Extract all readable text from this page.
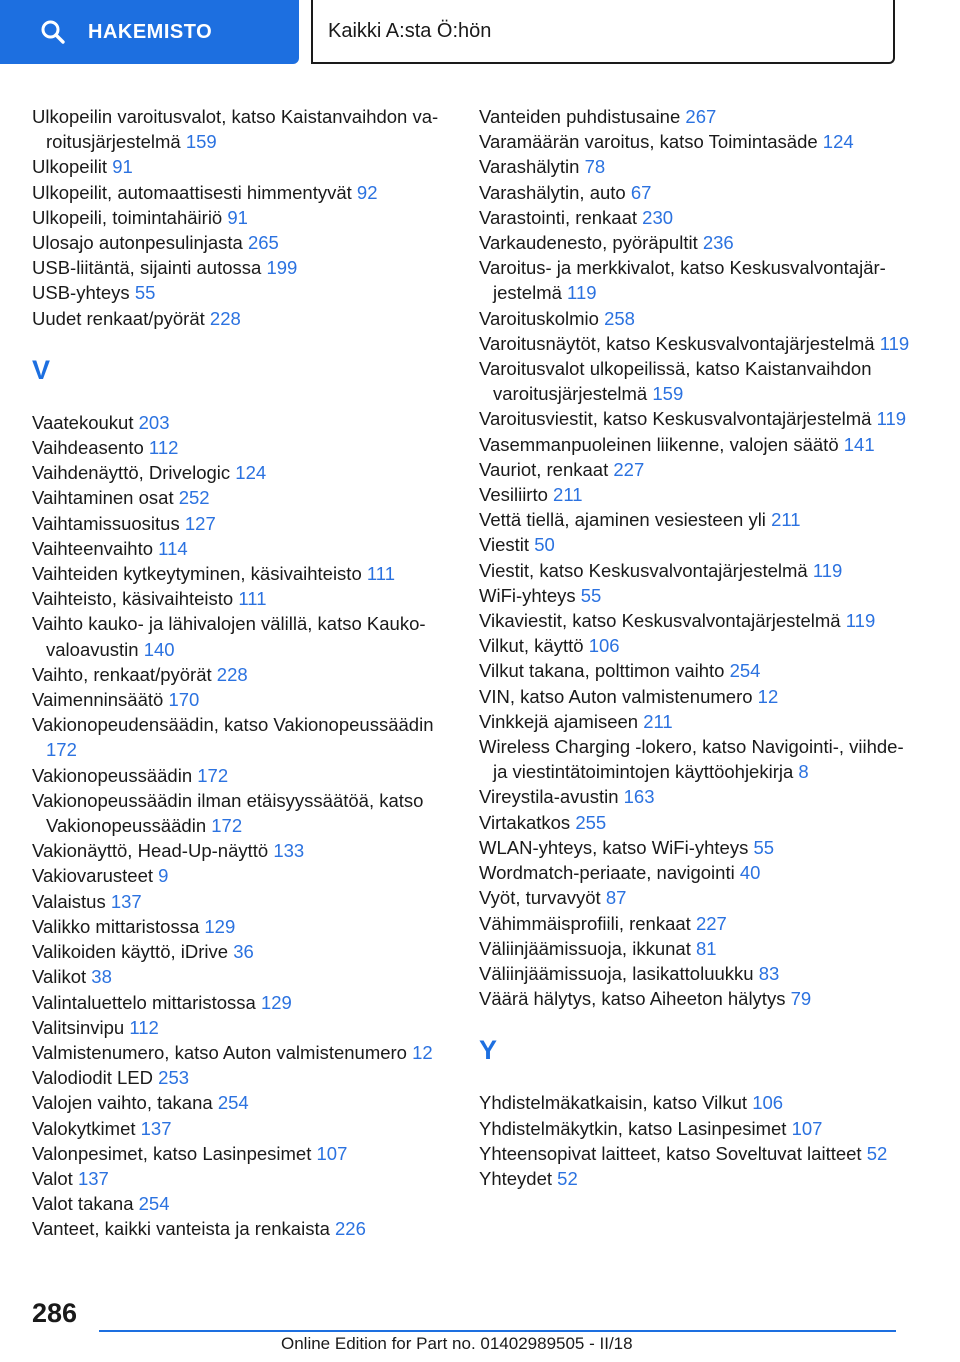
HAKEMISTO	Kaikki A:sta Ö:hön
Ulkopeilin varoitusvalot, katso Kaistanvaihdon varoitusjärjestelmä 159
Ulkopeilit 91
Ulkopeilit, automaattisesti himmentyvät 92
Ulkopeili, toimintahäiriö 91
Ulosajo autonpesulinjasta 265
USB-liitäntä, sijainti autossa 199
USB-yhteys 55
Uudet renkaat/pyörät 228
V
Vaatekoukut 203
Vaihdeasento 112
Vaihdenäyttö, Drivelogic 124
Vaihtaminen osat 252
Vaihtamissuositus 127
Vaihteenvaihto 114
Vaihteiden kytkeytyminen, käsivaihteisto 111
Vaihteisto, käsivaihteisto 111
Vaihto kauko- ja lähivalojen välillä, katso Kaukovaloavustin 140
Vaihto, renkaat/pyörät 228
Vaimenninsäätö 170
Vakionopeudensäädin, katso Vakionopeussäädin 172
Vakionopeussäädin 172
Vakionopeussäädin ilman etäisyyssäätöä, katso Vakionopeussäädin 172
Vakionäyttö, Head-Up-näyttö 133
Vakiovarusteet 9
Valaistus 137
Valikko mittaristossa 129
Valikoiden käyttö, iDrive 36
Valikot 38
Valintaluettelo mittaristossa 129
Valitsinvipu 112
Valmistenumero, katso Auton valmistenumero 12
Valodiodit LED 253
Valojen vaihto, takana 254
Valokytkimet 137
Valonpesimet, katso Lasinpesimet 107
Valot 137
Valot takana 254
Vanteet, kaikki vanteista ja renkaista 226
Vanteiden puhdistusaine 267
Varamäärän varoitus, katso Toimintasäde 124
Varashälytin 78
Varashälytin, auto 67
Varastointi, renkaat 230
Varkaudenesto, pyöräpultit 236
Varoitus- ja merkkivalot, katso Keskusvalvontajärjestelmä 119
Varoituskolmio 258
Varoitusnäytöt, katso Keskusvalvontajärjestelmä 119
Varoitusvalot ulkopeilissä, katso Kaistanvaihdon varoitusjärjestelmä 159
Varoitusviestit, katso Keskusvalvontajärjestelmä 119
Vasemmanpuoleinen liikenne, valojen säätö 141
Vauriot, renkaat 227
Vesiliirto 211
Vettä tiellä, ajaminen vesiesteen yli 211
Viestit 50
Viestit, katso Keskusvalvontajärjestelmä 119
WiFi-yhteys 55
Vikaviestit, katso Keskusvalvontajärjestelmä 119
Vilkut, käyttö 106
Vilkut takana, polttimon vaihto 254
VIN, katso Auton valmistenumero 12
Vinkkejä ajamiseen 211
Wireless Charging -lokero, katso Navigointi-, viihde- ja viestintätoimintojen käyttöohjekirja 8
Vireystila-avustin 163
Virtakatkos 255
WLAN-yhteys, katso WiFi-yhteys 55
Wordmatch-periaate, navigointi 40
Vyöt, turvavyöt 87
Vähimmäisprofiili, renkaat 227
Väliinjäämissuoja, ikkunat 81
Väliinjäämissuoja, lasikattoluukku 83
Väärä hälytys, katso Aiheeton hälytys 79
Y
Yhdistelmäkatkaisin, katso Vilkut 106
Yhdistelmäkytkin, katso Lasinpesimet 107
Yhteensopivat laitteet, katso Soveltuvat laitteet 52
Yhteydet 52
286
Online Edition for Part no. 01402989505 - II/18
